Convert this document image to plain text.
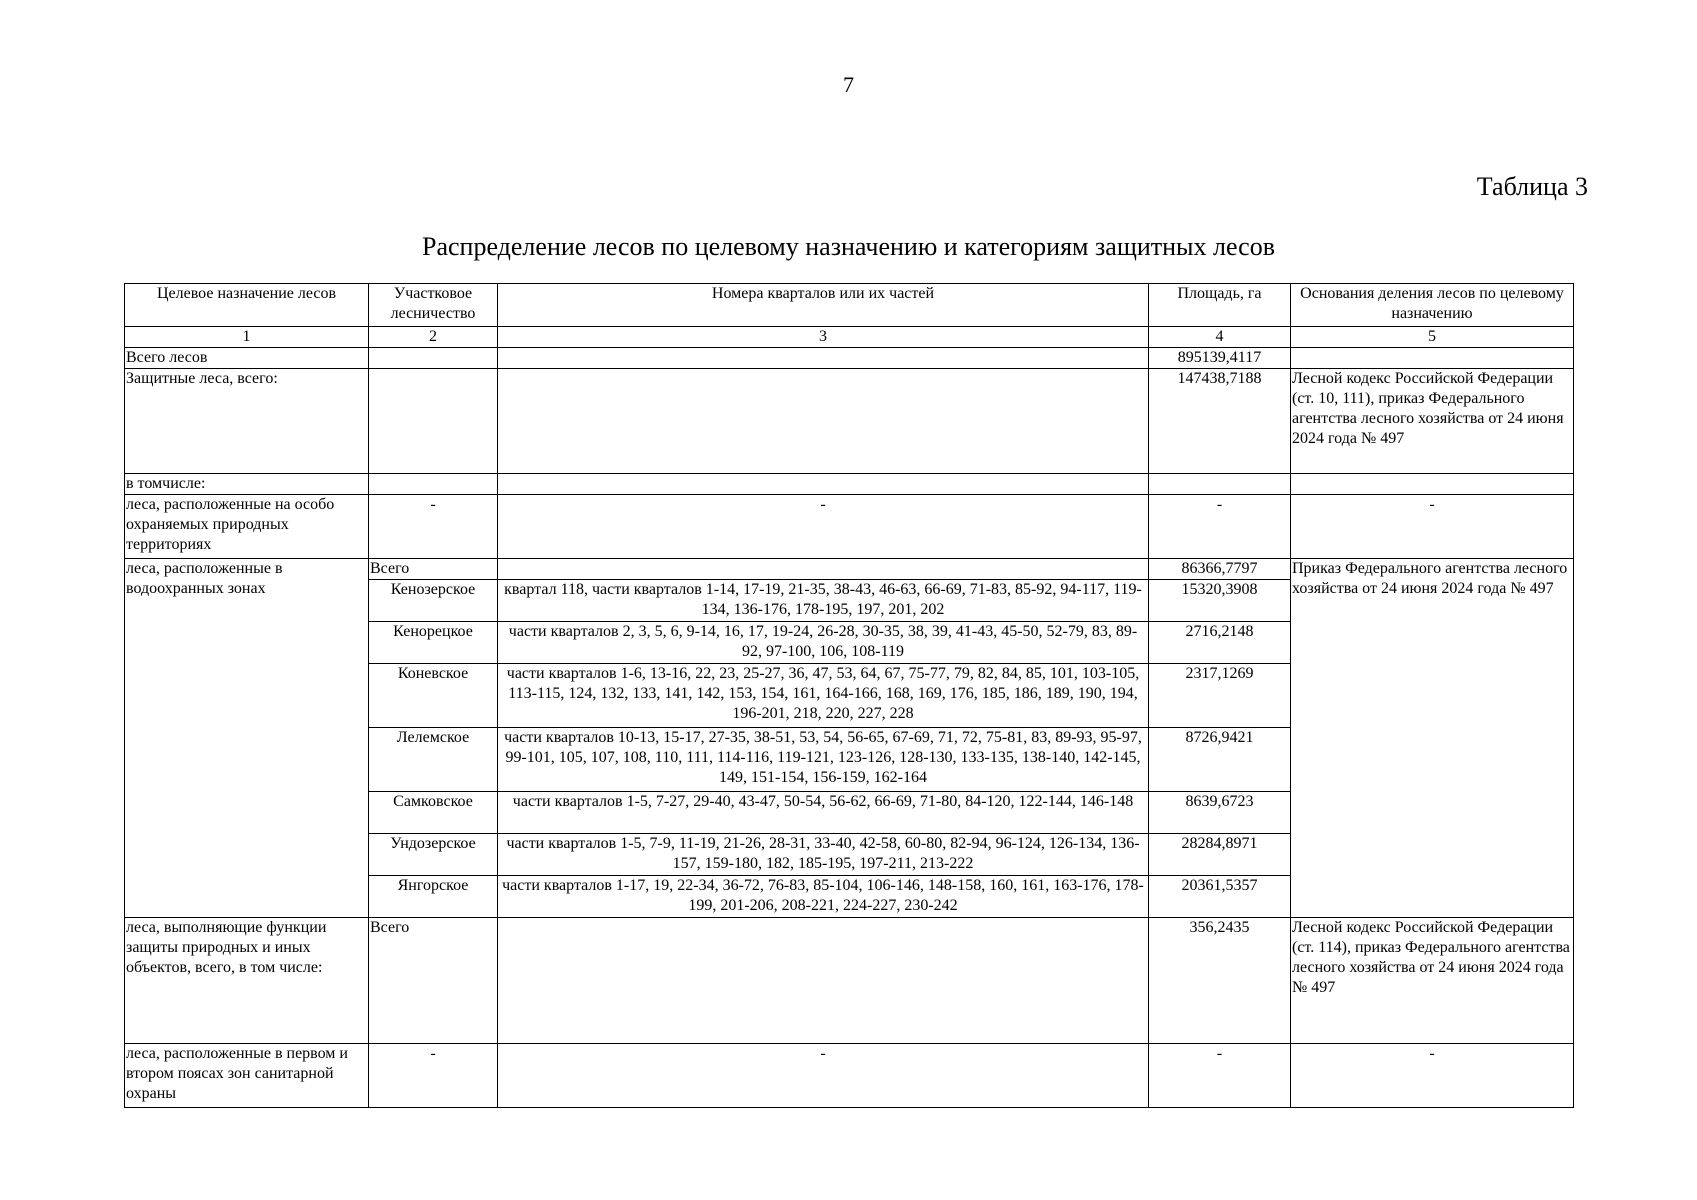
7
Таблица 3
Распределение лесов по целевому назначению и категориям защитных лесов
Целевое назначение лесов	Участковое лесничество	Номера кварталов или их частей	Площадь, га	Основания деления лесов по целевому назначению
1	2	3	4	5
Всего лесов			895139,4117	
Защитные леса, всего:			147438,7188	Лесной кодекс Российской Федерации (ст. 10, 111), приказ Федерального агентства лесного хозяйства от 24 июня 2024 года № 497
в томчисле:				
леса, расположенные на особо охраняемых природных территориях	-	-	-	-
леса, расположенные в водоохранных зонах	Всего		86366,7797	Приказ Федерального агентства лесного хозяйства от 24 июня 2024 года № 497
	Кенозерское	квартал 118, части кварталов 1-14, 17-19, 21-35, 38-43, 46-63, 66-69, 71-83, 85-92, 94-117, 119-134, 136-176, 178-195, 197, 201, 202	15320,3908	
	Кенорецкое	части кварталов 2, 3, 5, 6, 9-14, 16, 17, 19-24, 26-28, 30-35, 38, 39, 41-43, 45-50, 52-79, 83, 89-92, 97-100, 106, 108-119	2716,2148	
	Коневское	части кварталов 1-6, 13-16, 22, 23, 25-27, 36, 47, 53, 64, 67, 75-77, 79, 82, 84, 85, 101, 103-105, 113-115, 124, 132, 133, 141, 142, 153, 154, 161, 164-166, 168, 169, 176, 185, 186, 189, 190, 194, 196-201, 218, 220, 227, 228	2317,1269	
	Лелемское	части кварталов 10-13, 15-17, 27-35, 38-51, 53, 54, 56-65, 67-69, 71, 72, 75-81, 83, 89-93, 95-97, 99-101, 105, 107, 108, 110, 111, 114-116, 119-121, 123-126, 128-130, 133-135, 138-140, 142-145, 149, 151-154, 156-159, 162-164	8726,9421	
	Самковское	части кварталов 1-5, 7-27, 29-40, 43-47, 50-54, 56-62, 66-69, 71-80, 84-120, 122-144, 146-148	8639,6723	
	Ундозерское	части кварталов 1-5, 7-9, 11-19, 21-26, 28-31, 33-40, 42-58, 60-80, 82-94, 96-124, 126-134, 136-157, 159-180, 182, 185-195, 197-211, 213-222	28284,8971	
	Янгорское	части кварталов 1-17, 19, 22-34, 36-72, 76-83, 85-104, 106-146, 148-158, 160, 161, 163-176, 178-199, 201-206, 208-221, 224-227, 230-242	20361,5357	
леса, выполняющие функции защиты природных и иных объектов, всего, в том числе:	Всего		356,2435	Лесной кодекс Российской Федерации (ст. 114), приказ Федерального агентства лесного хозяйства от 24 июня 2024 года № 497
леса, расположенные в первом и втором поясах зон санитарной охраны	-	-	-	-
